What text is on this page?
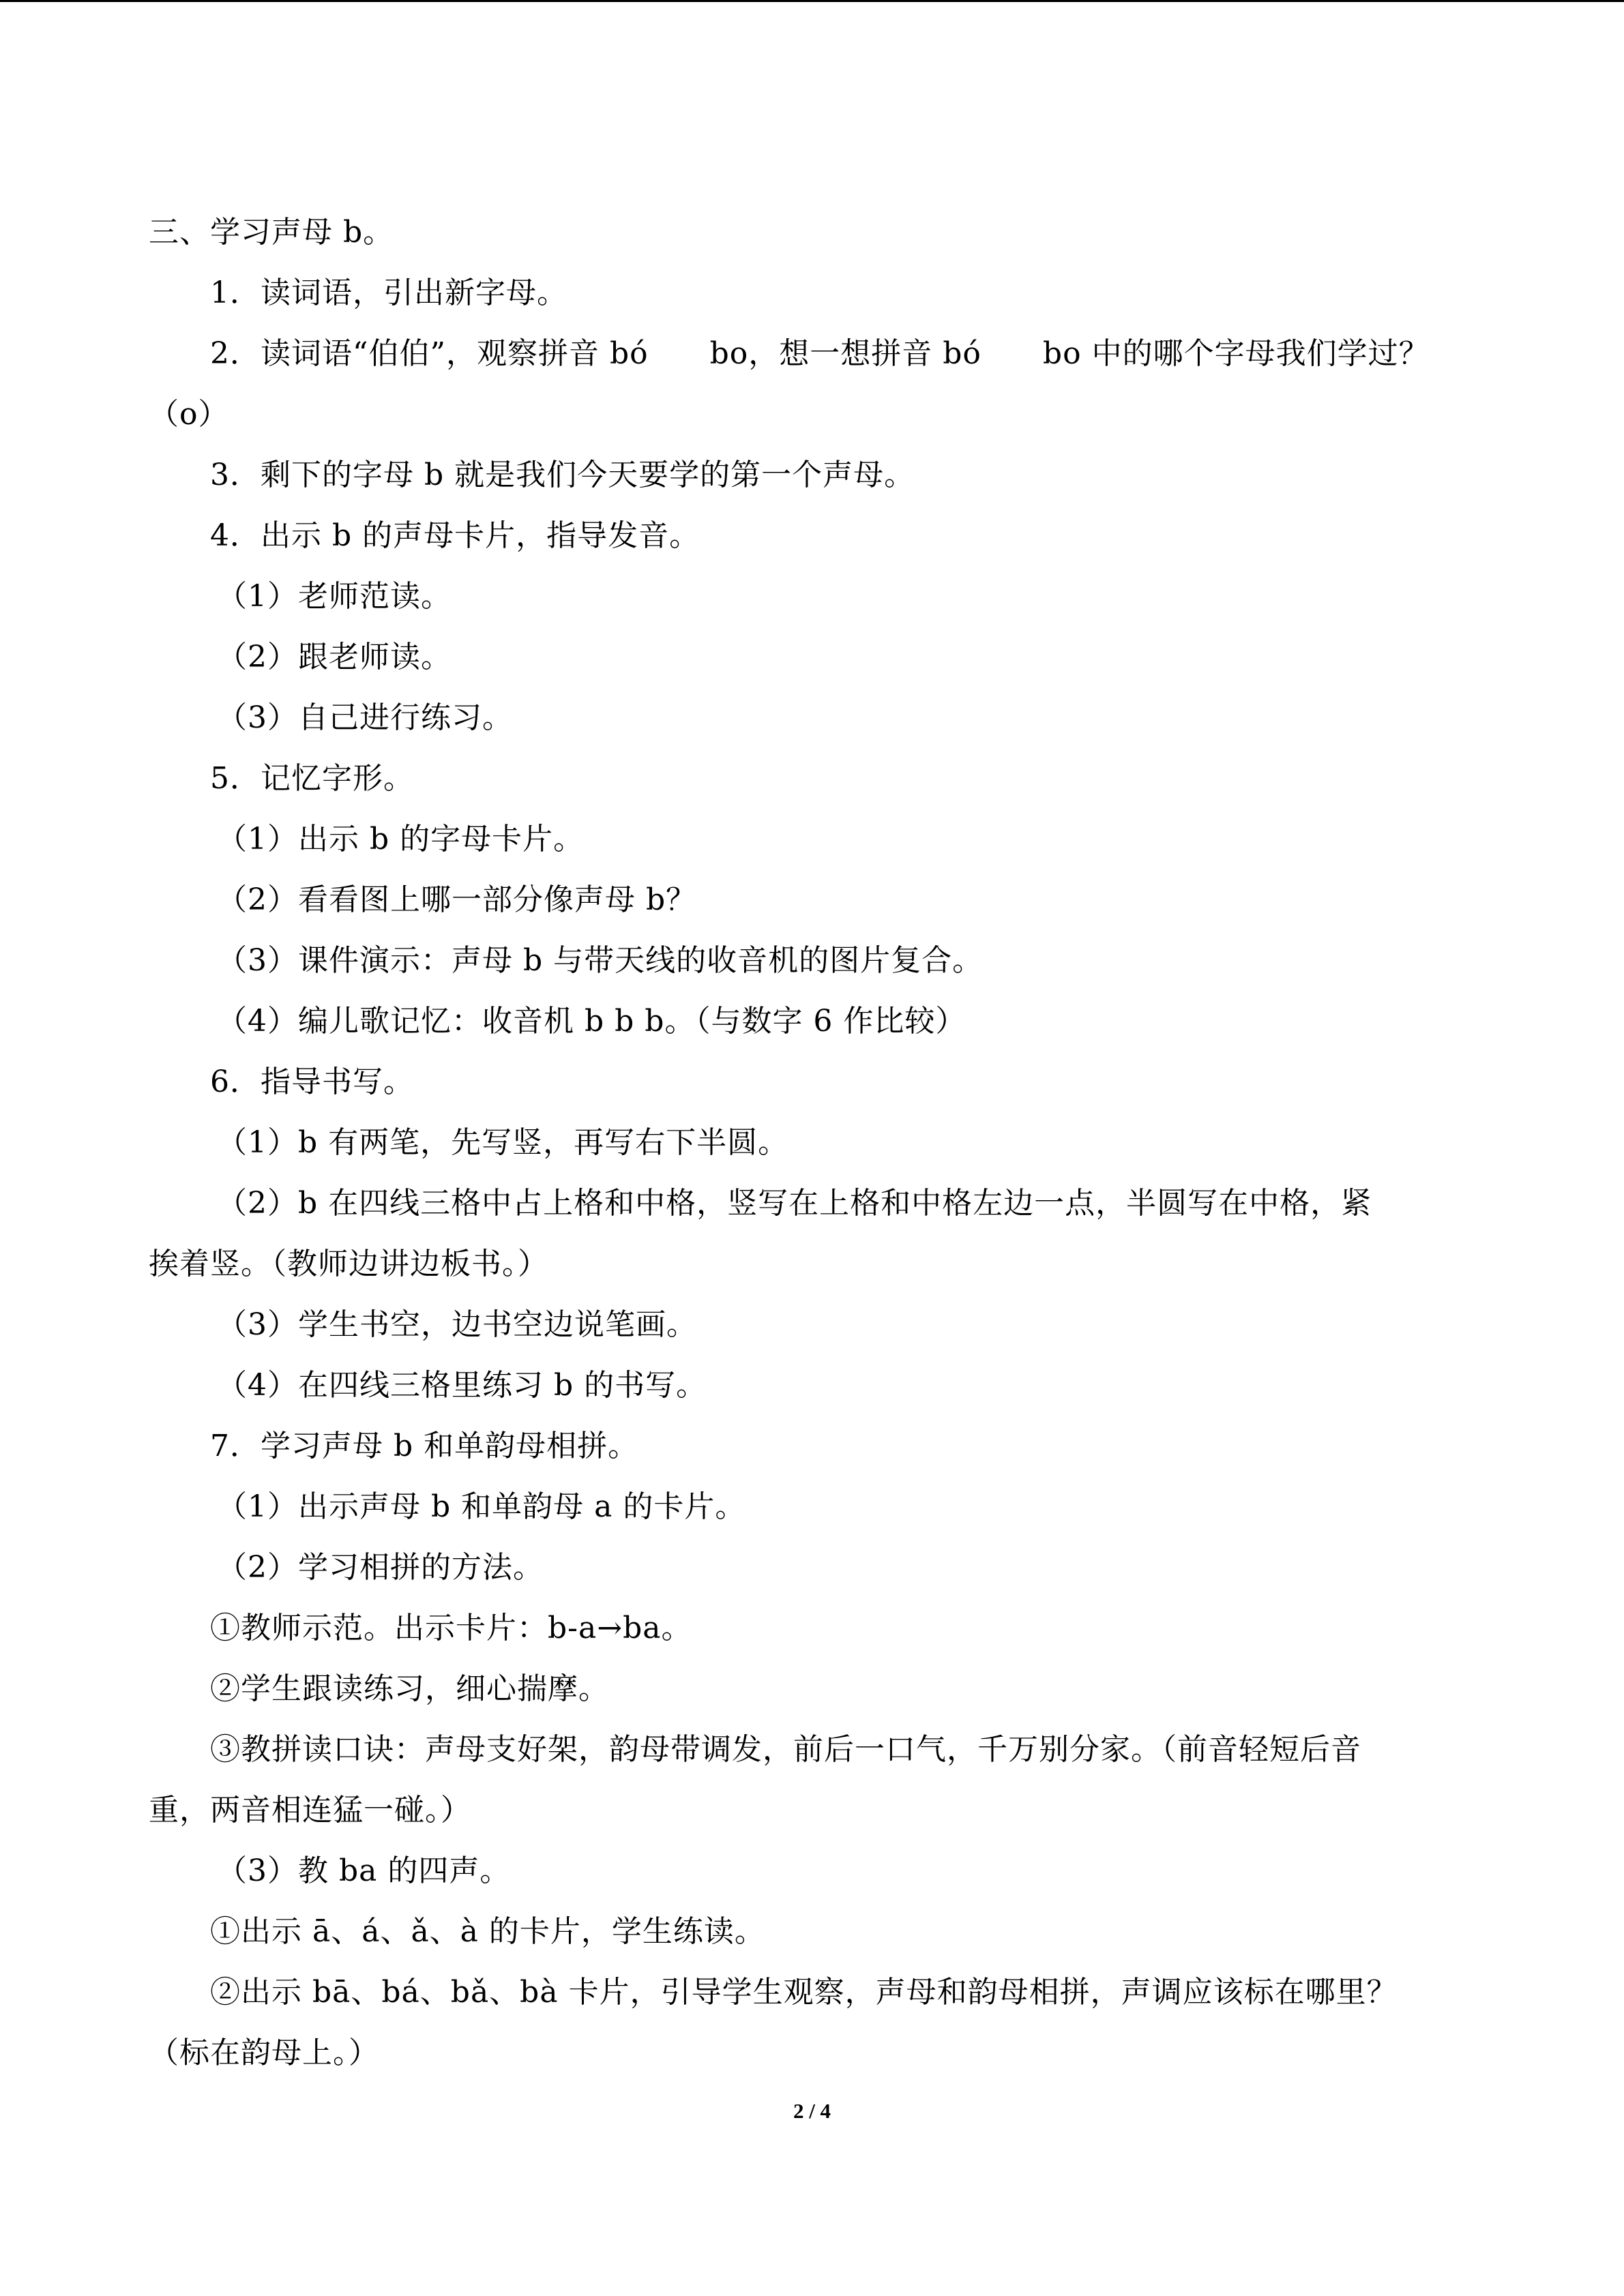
三、学习声母 b。
1．读词语，引出新字母。
2．读词语“伯伯”，观察拼音 bó　　bo，想一想拼音 bó　　bo 中的哪个字母我们学过？
（o）
3．剩下的字母 b 就是我们今天要学的第一个声母。
4．出示 b 的声母卡片，指导发音。
（1）老师范读。
（2）跟老师读。
（3）自己进行练习。
5．记忆字形。
（1）出示 b 的字母卡片。
（2）看看图上哪一部分像声母 b？
（3）课件演示：声母 b 与带天线的收音机的图片复合。
（4）编儿歌记忆：收音机 b b b。（与数字 6 作比较）
6．指导书写。
（1）b 有两笔，先写竖，再写右下半圆。
（2）b 在四线三格中占上格和中格，竖写在上格和中格左边一点，半圆写在中格，紧
挨着竖。（教师边讲边板书。）
（3）学生书空，边书空边说笔画。
（4）在四线三格里练习 b 的书写。
7．学习声母 b 和单韵母相拼。
（1）出示声母 b 和单韵母 a 的卡片。
（2）学习相拼的方法。
①教师示范。出示卡片：b-a→ba。
②学生跟读练习，细心揣摩。
③教拼读口诀：声母支好架，韵母带调发，前后一口气，千万别分家。（前音轻短后音
重，两音相连猛一碰。）
（3）教 ba 的四声。
①出示 ā、á、ǎ、à 的卡片，学生练读。
②出示 bā、bá、bǎ、bà 卡片，引导学生观察，声母和韵母相拼，声调应该标在哪里？
（标在韵母上。）
2 / 4
